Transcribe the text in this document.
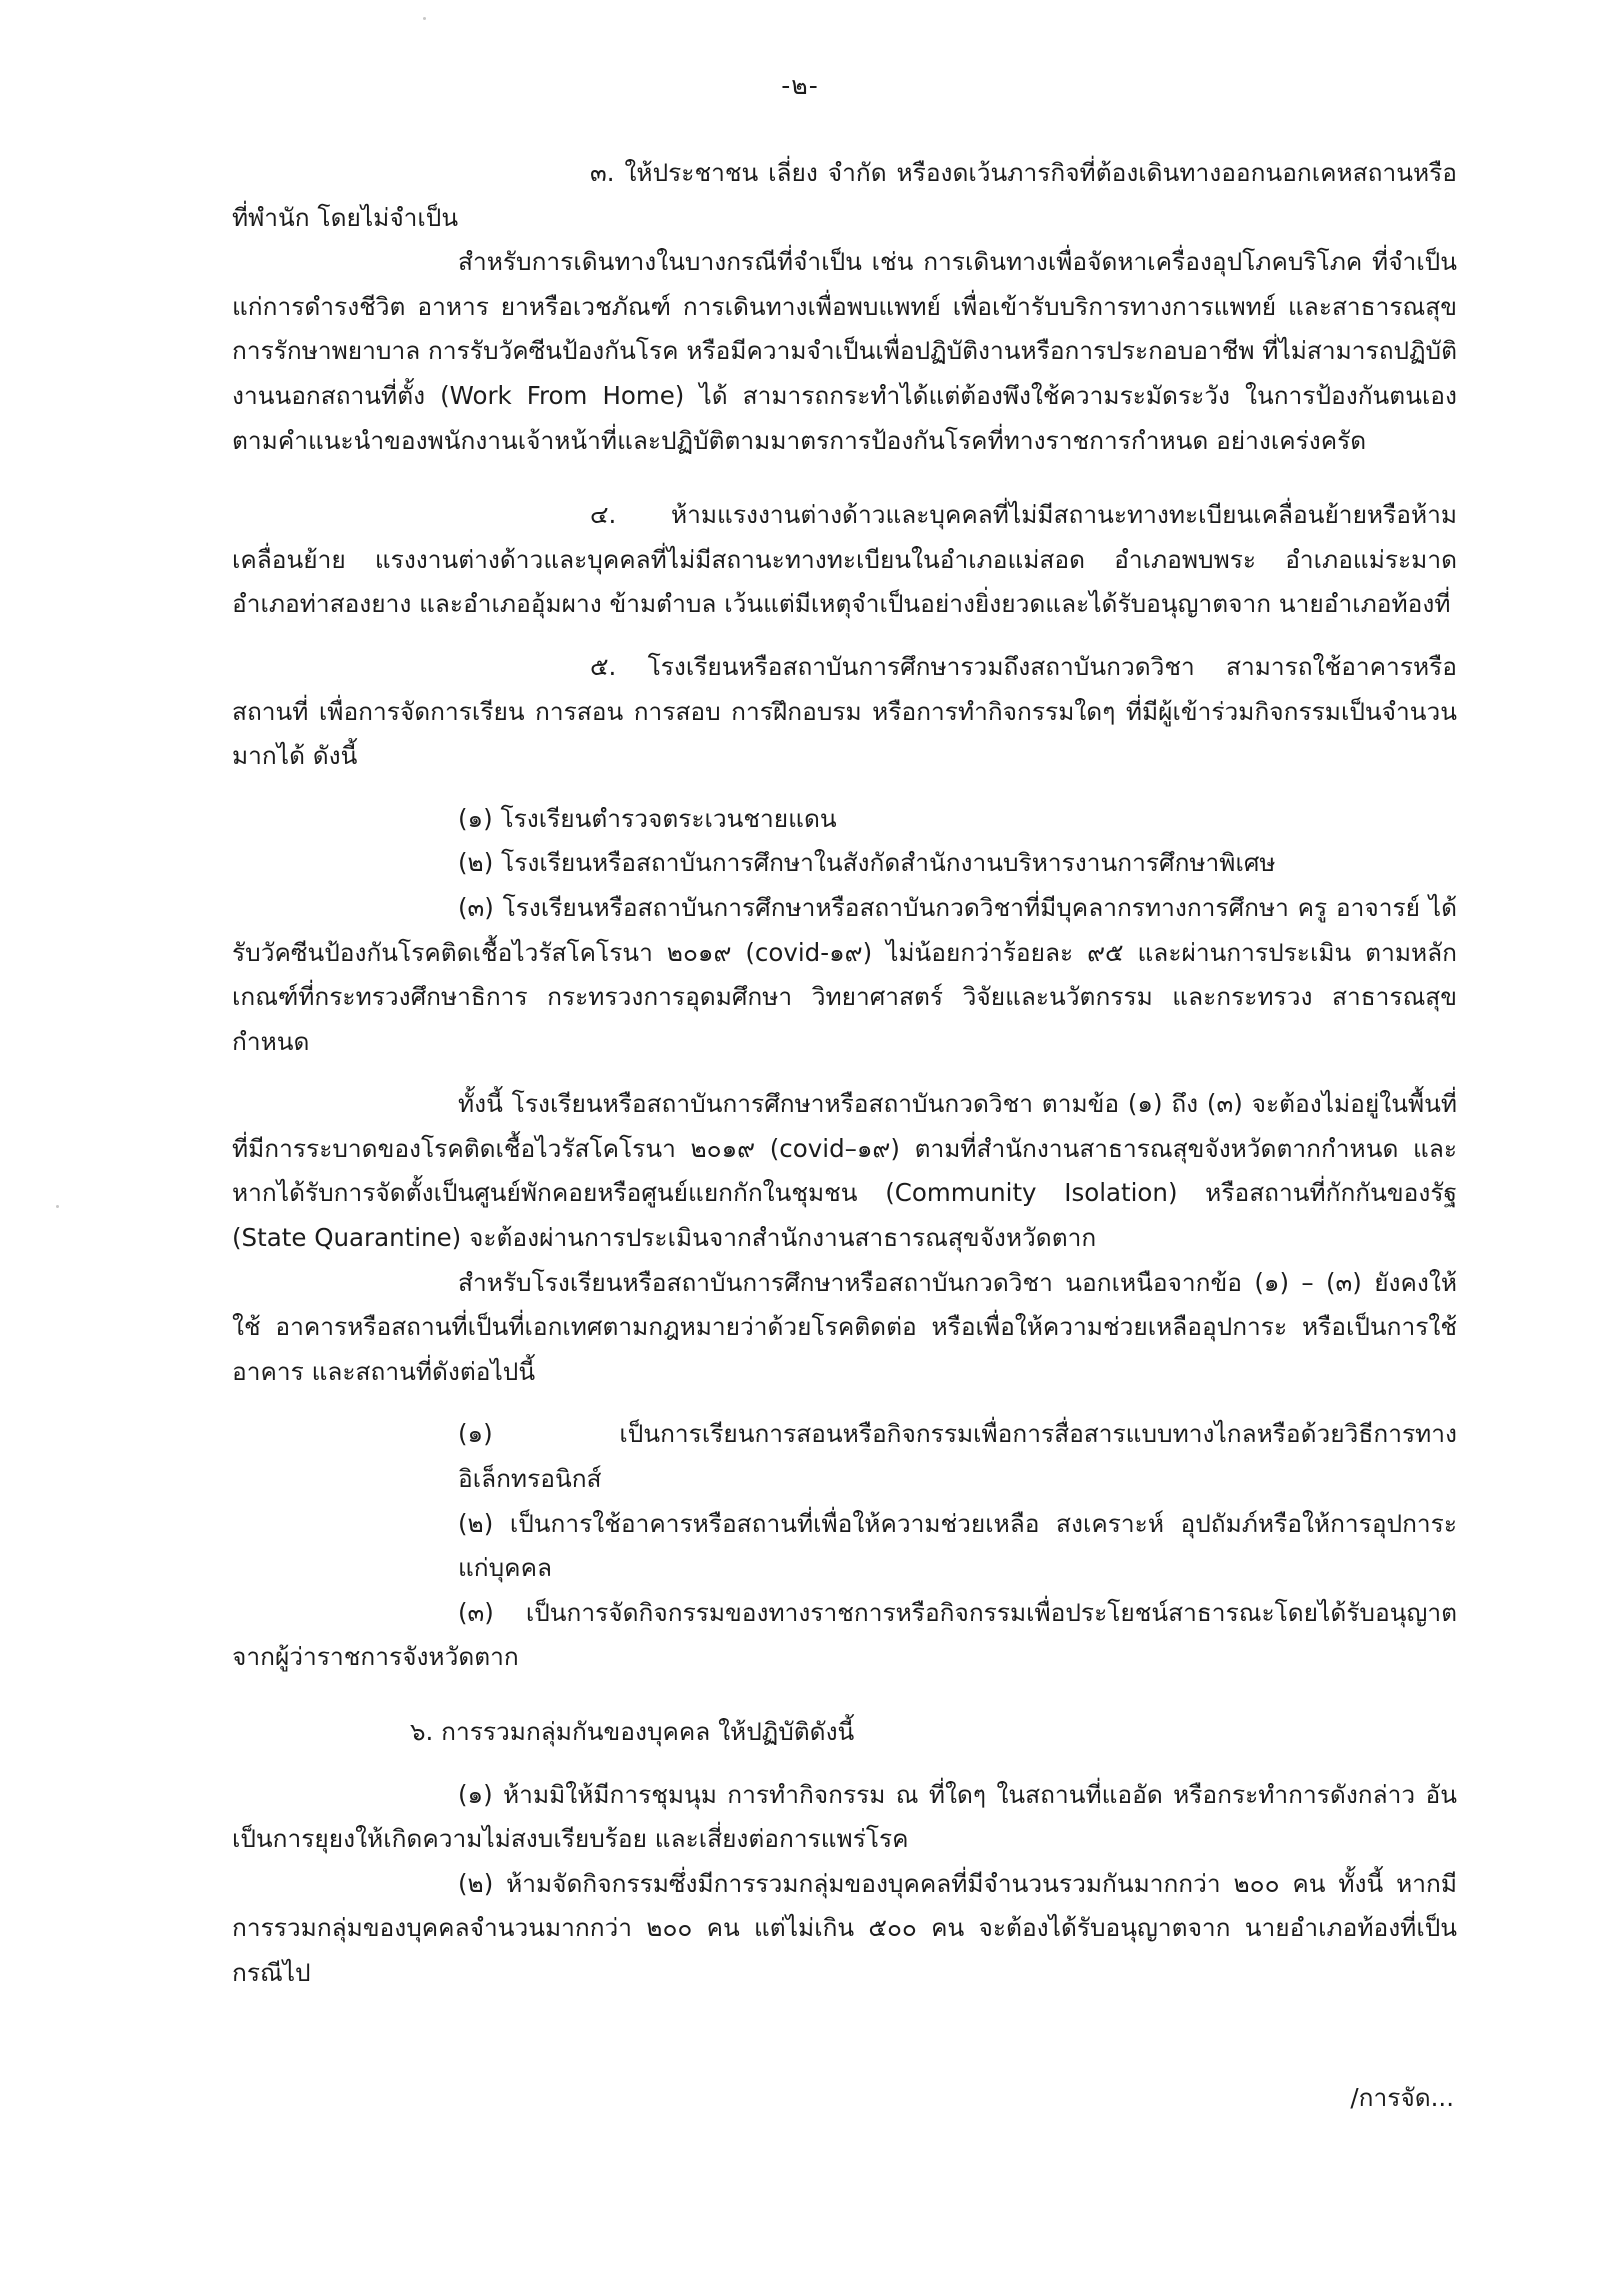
-๒-

๓. ให้ประชาชน เลี่ยง จำกัด หรืองดเว้นภารกิจที่ต้องเดินทางออกนอกเคหสถานหรือที่พำนัก โดยไม่จำเป็น

สำหรับการเดินทางในบางกรณีที่จำเป็น เช่น การเดินทางเพื่อจัดหาเครื่องอุปโภคบริโภค ที่จำเป็นแก่การดำรงชีวิต อาหาร ยาหรือเวชภัณฑ์ การเดินทางเพื่อพบแพทย์ เพื่อเข้ารับบริการทางการแพทย์ และสาธารณสุข การรักษาพยาบาล การรับวัคซีนป้องกันโรค หรือมีความจำเป็นเพื่อปฏิบัติงานหรือการประกอบอาชีพ ที่ไม่สามารถปฏิบัติงานนอกสถานที่ตั้ง (Work From Home) ได้ สามารถกระทำได้แต่ต้องพึงใช้ความระมัดระวัง ในการป้องกันตนเองตามคำแนะนำของพนักงานเจ้าหน้าที่และปฏิบัติตามมาตรการป้องกันโรคที่ทางราชการกำหนด อย่างเคร่งครัด

๔. ห้ามแรงงานต่างด้าวและบุคคลที่ไม่มีสถานะทางทะเบียนเคลื่อนย้ายหรือห้ามเคลื่อนย้าย แรงงานต่างด้าวและบุคคลที่ไม่มีสถานะทางทะเบียนในอำเภอแม่สอด อำเภอพบพระ อำเภอแม่ระมาด อำเภอท่าสองยาง และอำเภออุ้มผาง ข้ามตำบล เว้นแต่มีเหตุจำเป็นอย่างยิ่งยวดและได้รับอนุญาตจาก นายอำเภอท้องที่

๕. โรงเรียนหรือสถาบันการศึกษารวมถึงสถาบันกวดวิชา สามารถใช้อาคารหรือสถานที่ เพื่อการจัดการเรียน การสอน การสอบ การฝึกอบรม หรือการทำกิจกรรมใดๆ ที่มีผู้เข้าร่วมกิจกรรมเป็นจำนวนมากได้ ดังนี้

(๑) โรงเรียนตำรวจตระเวนชายแดน

(๒) โรงเรียนหรือสถาบันการศึกษาในสังกัดสำนักงานบริหารงานการศึกษาพิเศษ

(๓) โรงเรียนหรือสถาบันการศึกษาหรือสถาบันกวดวิชาที่มีบุคลากรทางการศึกษา ครู อาจารย์ ได้รับวัคซีนป้องกันโรคติดเชื้อไวรัสโคโรนา ๒๐๑๙ (covid-๑๙) ไม่น้อยกว่าร้อยละ ๙๕ และผ่านการประเมิน ตามหลักเกณฑ์ที่กระทรวงศึกษาธิการ กระทรวงการอุดมศึกษา วิทยาศาสตร์ วิจัยและนวัตกรรม และกระทรวง สาธารณสุขกำหนด

ทั้งนี้ โรงเรียนหรือสถาบันการศึกษาหรือสถาบันกวดวิชา ตามข้อ (๑) ถึง (๓) จะต้องไม่อยู่ในพื้นที่ ที่มีการระบาดของโรคติดเชื้อไวรัสโคโรนา ๒๐๑๙ (covid–๑๙) ตามที่สำนักงานสาธารณสุขจังหวัดตากกำหนด และหากได้รับการจัดตั้งเป็นศูนย์พักคอยหรือศูนย์แยกกักในชุมชน (Community Isolation) หรือสถานที่กักกันของรัฐ (State Quarantine) จะต้องผ่านการประเมินจากสำนักงานสาธารณสุขจังหวัดตาก

สำหรับโรงเรียนหรือสถาบันการศึกษาหรือสถาบันกวดวิชา นอกเหนือจากข้อ (๑) – (๓) ยังคงให้ใช้ อาคารหรือสถานที่เป็นที่เอกเทศตามกฎหมายว่าด้วยโรคติดต่อ หรือเพื่อให้ความช่วยเหลืออุปการะ หรือเป็นการใช้อาคาร และสถานที่ดังต่อไปนี้

(๑) เป็นการเรียนการสอนหรือกิจกรรมเพื่อการสื่อสารแบบทางไกลหรือด้วยวิธีการทางอิเล็กทรอนิกส์

(๒) เป็นการใช้อาคารหรือสถานที่เพื่อให้ความช่วยเหลือ สงเคราะห์ อุปถัมภ์หรือให้การอุปการะแก่บุคคล

(๓) เป็นการจัดกิจกรรมของทางราชการหรือกิจกรรมเพื่อประโยชน์สาธารณะโดยได้รับอนุญาต จากผู้ว่าราชการจังหวัดตาก

๖. การรวมกลุ่มกันของบุคคล ให้ปฏิบัติดังนี้

(๑) ห้ามมิให้มีการชุมนุม การทำกิจกรรม ณ ที่ใดๆ ในสถานที่แออัด หรือกระทำการดังกล่าว อันเป็นการยุยงให้เกิดความไม่สงบเรียบร้อย และเสี่ยงต่อการแพร่โรค

(๒) ห้ามจัดกิจกรรมซึ่งมีการรวมกลุ่มของบุคคลที่มีจำนวนรวมกันมากกว่า ๒๐๐ คน ทั้งนี้ หากมีการรวมกลุ่มของบุคคลจำนวนมากกว่า ๒๐๐ คน แต่ไม่เกิน ๕๐๐ คน จะต้องได้รับอนุญาตจาก นายอำเภอท้องที่เป็นกรณีไป

/การจัด...
